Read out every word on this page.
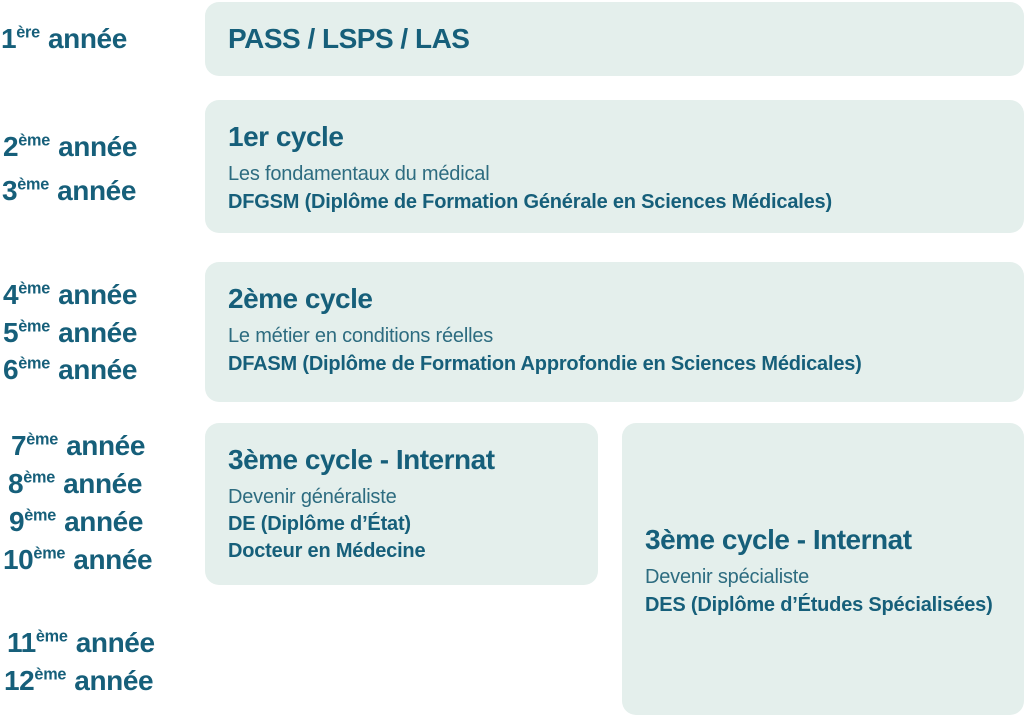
1ère année
2ème année
3ème année
4ème année
5ème année
6ème année
7ème année
8ème année
9ème année
10ème année
11ème année
12ème année
PASS / LSPS / LAS
1er cycle

Les fondamentaux du médical

DFGSM (Diplôme de Formation Générale en Sciences Médicales)

2ème cycle

Le métier en conditions réelles

DFASM (Diplôme de Formation Approfondie en Sciences Médicales)

3ème cycle - Internat

Devenir généraliste

DE (Diplôme d’État)

Docteur en Médecine	3ème cycle - Internat

Devenir spécialiste

DES (Diplôme d’Études Spécialisées)
